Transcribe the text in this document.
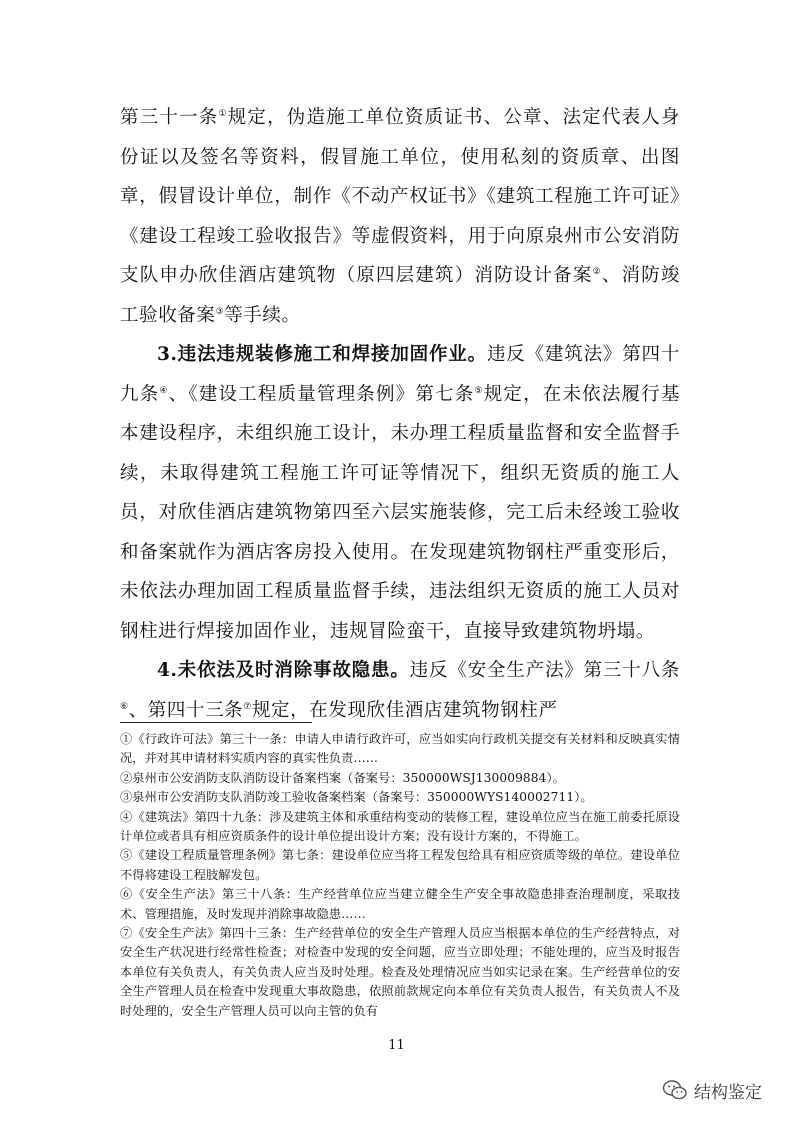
第三十一条①规定，伪造施工单位资质证书、公章、法定代表人身份证以及签名等资料，假冒施工单位，使用私刻的资质章、出图章，假冒设计单位，制作《不动产权证书》《建筑工程施工许可证》《建设工程竣工验收报告》等虚假资料，用于向原泉州市公安消防支队申办欣佳酒店建筑物（原四层建筑）消防设计备案②、消防竣工验收备案③等手续。

3.违法违规装修施工和焊接加固作业。违反《建筑法》第四十九条④、《建设工程质量管理条例》第七条⑤规定，在未依法履行基本建设程序，未组织施工设计，未办理工程质量监督和安全监督手续，未取得建筑工程施工许可证等情况下，组织无资质的施工人员，对欣佳酒店建筑物第四至六层实施装修，完工后未经竣工验收和备案就作为酒店客房投入使用。在发现建筑物钢柱严重变形后，未依法办理加固工程质量监督手续，违法组织无资质的施工人员对钢柱进行焊接加固作业，违规冒险蛮干，直接导致建筑物坍塌。

4.未依法及时消除事故隐患。违反《安全生产法》第三十八条⑥、第四十三条⑦规定，在发现欣佳酒店建筑物钢柱严

①《行政许可法》第三十一条：申请人申请行政许可，应当如实向行政机关提交有关材料和反映真实情况，并对其申请材料实质内容的真实性负责……

②泉州市公安消防支队消防设计备案档案（备案号：350000WSJ130009884）。

③泉州市公安消防支队消防竣工验收备案档案（备案号：350000WYS140002711）。

④《建筑法》第四十九条：涉及建筑主体和承重结构变动的装修工程，建设单位应当在施工前委托原设计单位或者具有相应资质条件的设计单位提出设计方案；没有设计方案的，不得施工。

⑤《建设工程质量管理条例》第七条：建设单位应当将工程发包给具有相应资质等级的单位。建设单位不得将建设工程肢解发包。

⑥《安全生产法》第三十八条：生产经营单位应当建立健全生产安全事故隐患排查治理制度，采取技术、管理措施，及时发现并消除事故隐患……

⑦《安全生产法》第四十三条：生产经营单位的安全生产管理人员应当根据本单位的生产经营特点，对安全生产状况进行经常性检查；对检查中发现的安全问题，应当立即处理；不能处理的，应当及时报告本单位有关负责人，有关负责人应当及时处理。检查及处理情况应当如实记录在案。生产经营单位的安全生产管理人员在检查中发现重大事故隐患，依照前款规定向本单位有关负责人报告，有关负责人不及时处理的，安全生产管理人员可以向主管的负有

11
结构鉴定
